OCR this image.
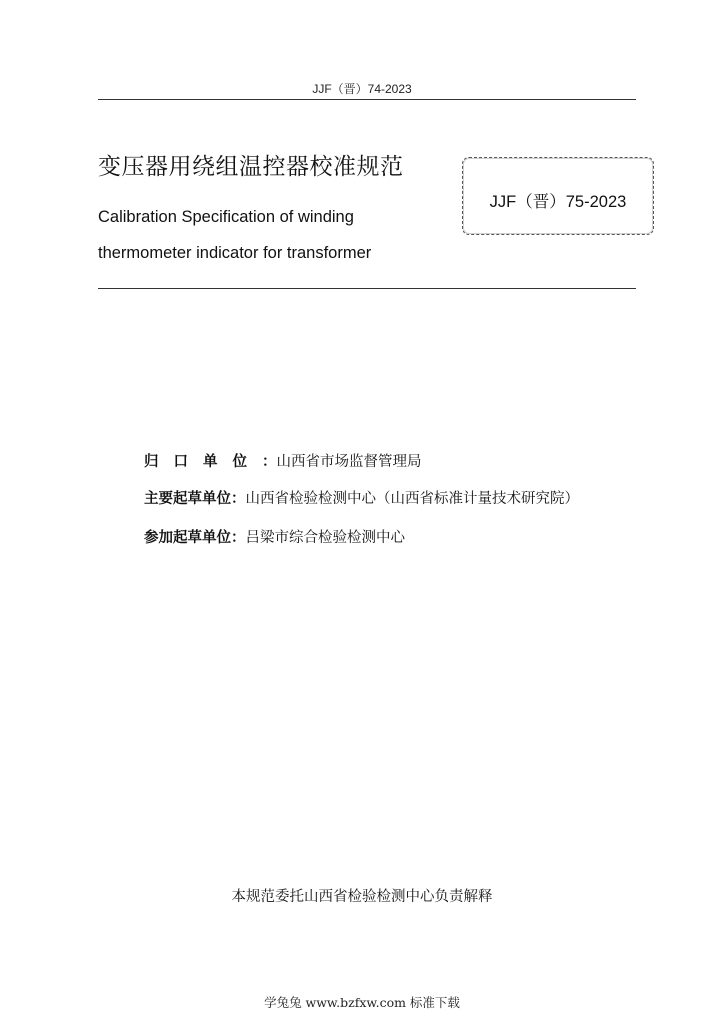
JJF（晋）74-2023
变压器用绕组温控器校准规范
Calibration Specification of winding
thermometer indicator for transformer
JJF（晋）75-2023
归口单位：山西省市场监督管理局
主要起草单位：山西省检验检测中心（山西省标准计量技术研究院）
参加起草单位：吕梁市综合检验检测中心
本规范委托山西省检验检测中心负责解释
学兔兔 www.bzfxw.com 标准下载
